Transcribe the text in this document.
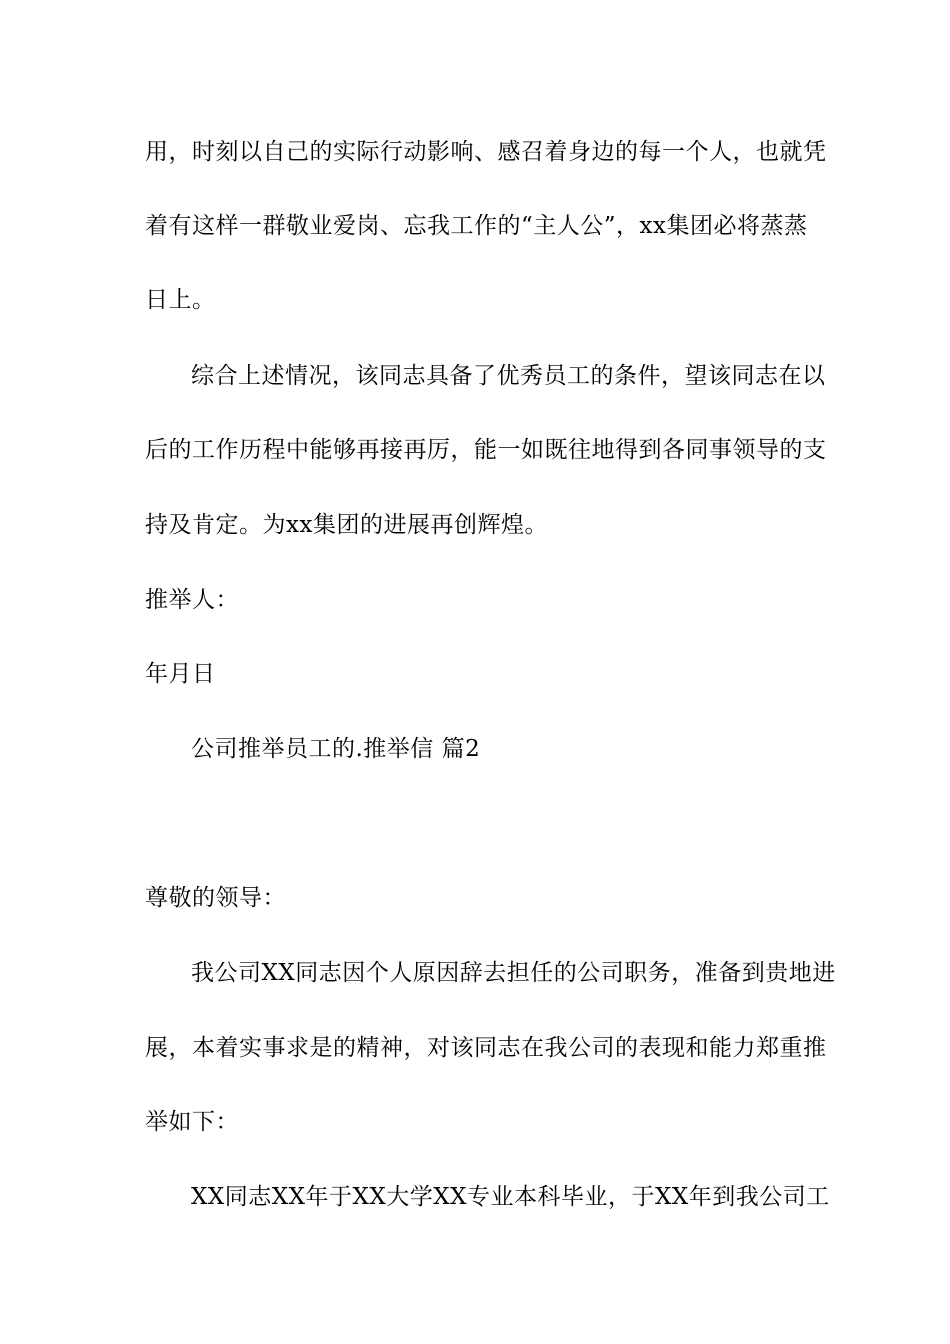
用，时刻以自己的实际行动影响、感召着身边的每一个人，也就凭
着有这样一群敬业爱岗、忘我工作的“主人公”，xx集团必将蒸蒸
日上。
综合上述情况，该同志具备了优秀员工的条件，望该同志在以
后的工作历程中能够再接再厉，能一如既往地得到各同事领导的支
持及肯定。为xx集团的进展再创辉煌。
推举人：
年月日
公司推举员工的.推举信 篇2
尊敬的领导：
我公司XX同志因个人原因辞去担任的公司职务，准备到贵地进
展，本着实事求是的精神，对该同志在我公司的表现和能力郑重推
举如下：
XX同志XX年于XX大学XX专业本科毕业，于XX年到我公司工
